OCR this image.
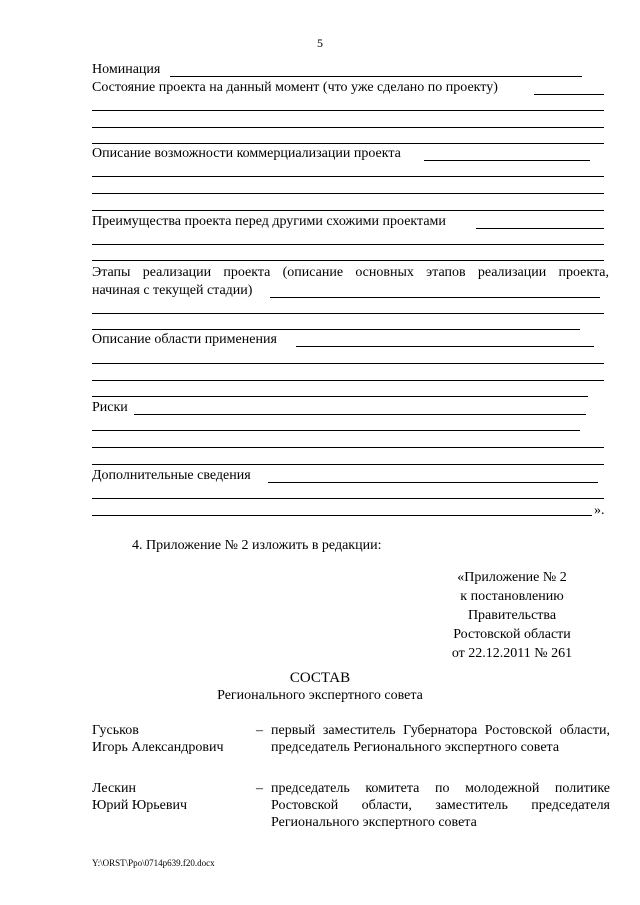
5
Номинация
Состояние проекта на данный момент (что уже сделано по проекту)
Описание возможности коммерциализации проекта
Преимущества проекта перед другими схожими проектами
Этапы реализации проекта (описание основных этапов реализации проекта,
начиная с текущей стадии)
Описание области применения
Риски
Дополнительные сведения
».
4. Приложение № 2 изложить в редакции:
«Приложение № 2
к постановлению
Правительства
Ростовской области
от 22.12.2011 № 261
СОСТАВ
Регионального экспертного совета
Гуськов
Игорь Александрович
– первый заместитель Губернатора Ростовской области, председатель Регионального экспертного совета
Лескин
Юрий Юрьевич
– председатель комитета по молодежной политике Ростовской области, заместитель председателя Регионального экспертного совета
Y:\ORST\Ppo\0714p639.f20.docx
